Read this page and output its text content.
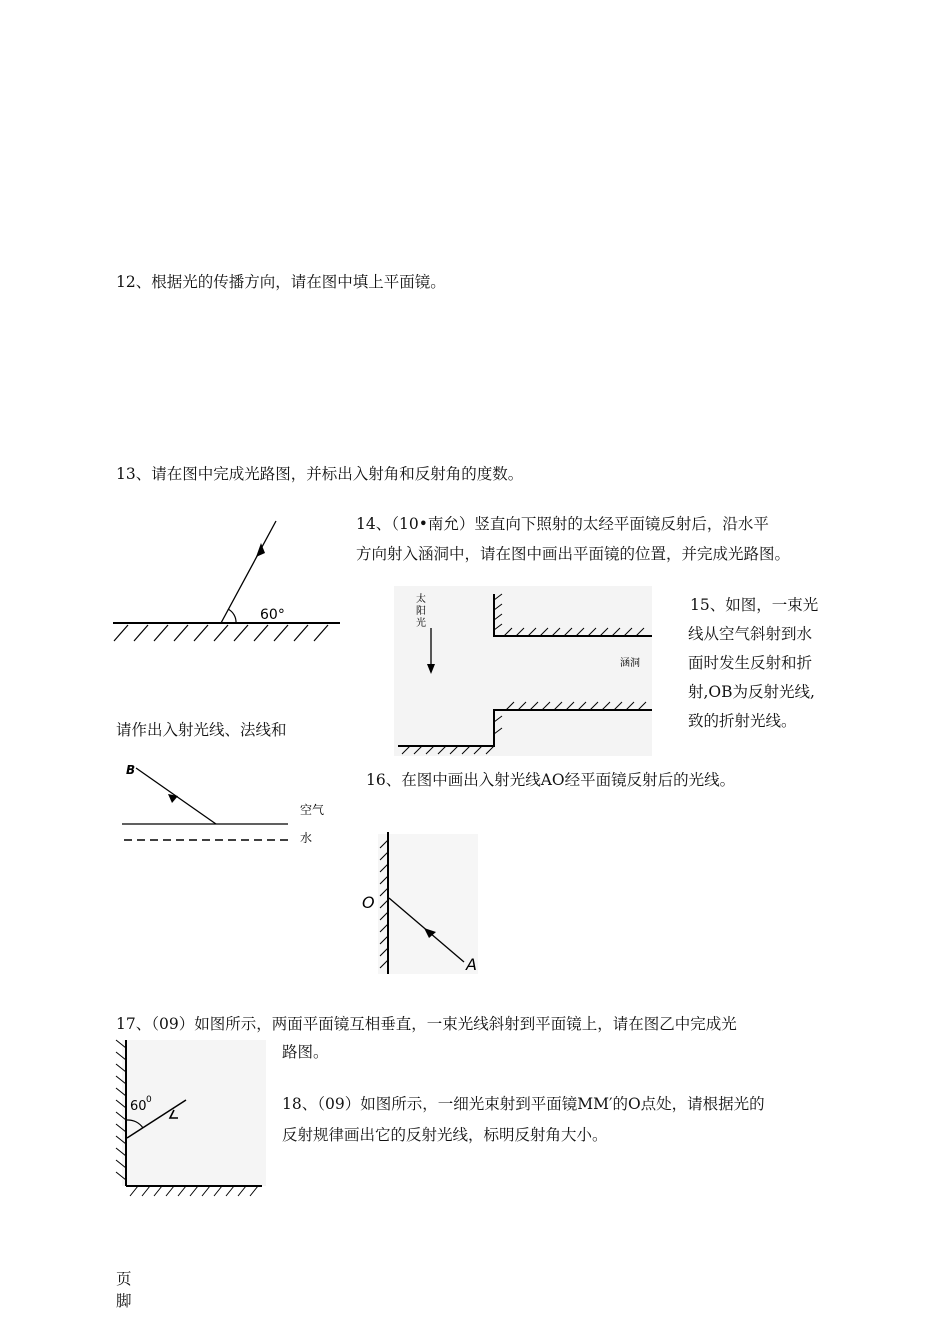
12、根据光的传播方向，请在图中填上平面镜。
13、请在图中完成光路图，并标出入射角和反射角的度数。
60°
14、（10•南允）竖直向下照射的太经平面镜反射后，沿水平
方向射入涵洞中，请在图中画出平面镜的位置，并完成光路图。
太
阳
光
涵洞
15、如图，一束光
线从空气斜射到水
面时发生反射和折
射,OB为反射光线,
致的折射光线。
请作出入射光线、法线和
B
空气
水
16、在图中画出入射光线AO经平面镜反射后的光线。
O
A
17、（09）如图所示，两面平面镜互相垂直，一束光线斜射到平面镜上，请在图乙中完成光
路图。
60 0	18、（09）如图所示，一细光束射到平面镜MM′的O点处，请根据光的
反射规律画出它的反射光线，标明反射角大小。
页
脚
